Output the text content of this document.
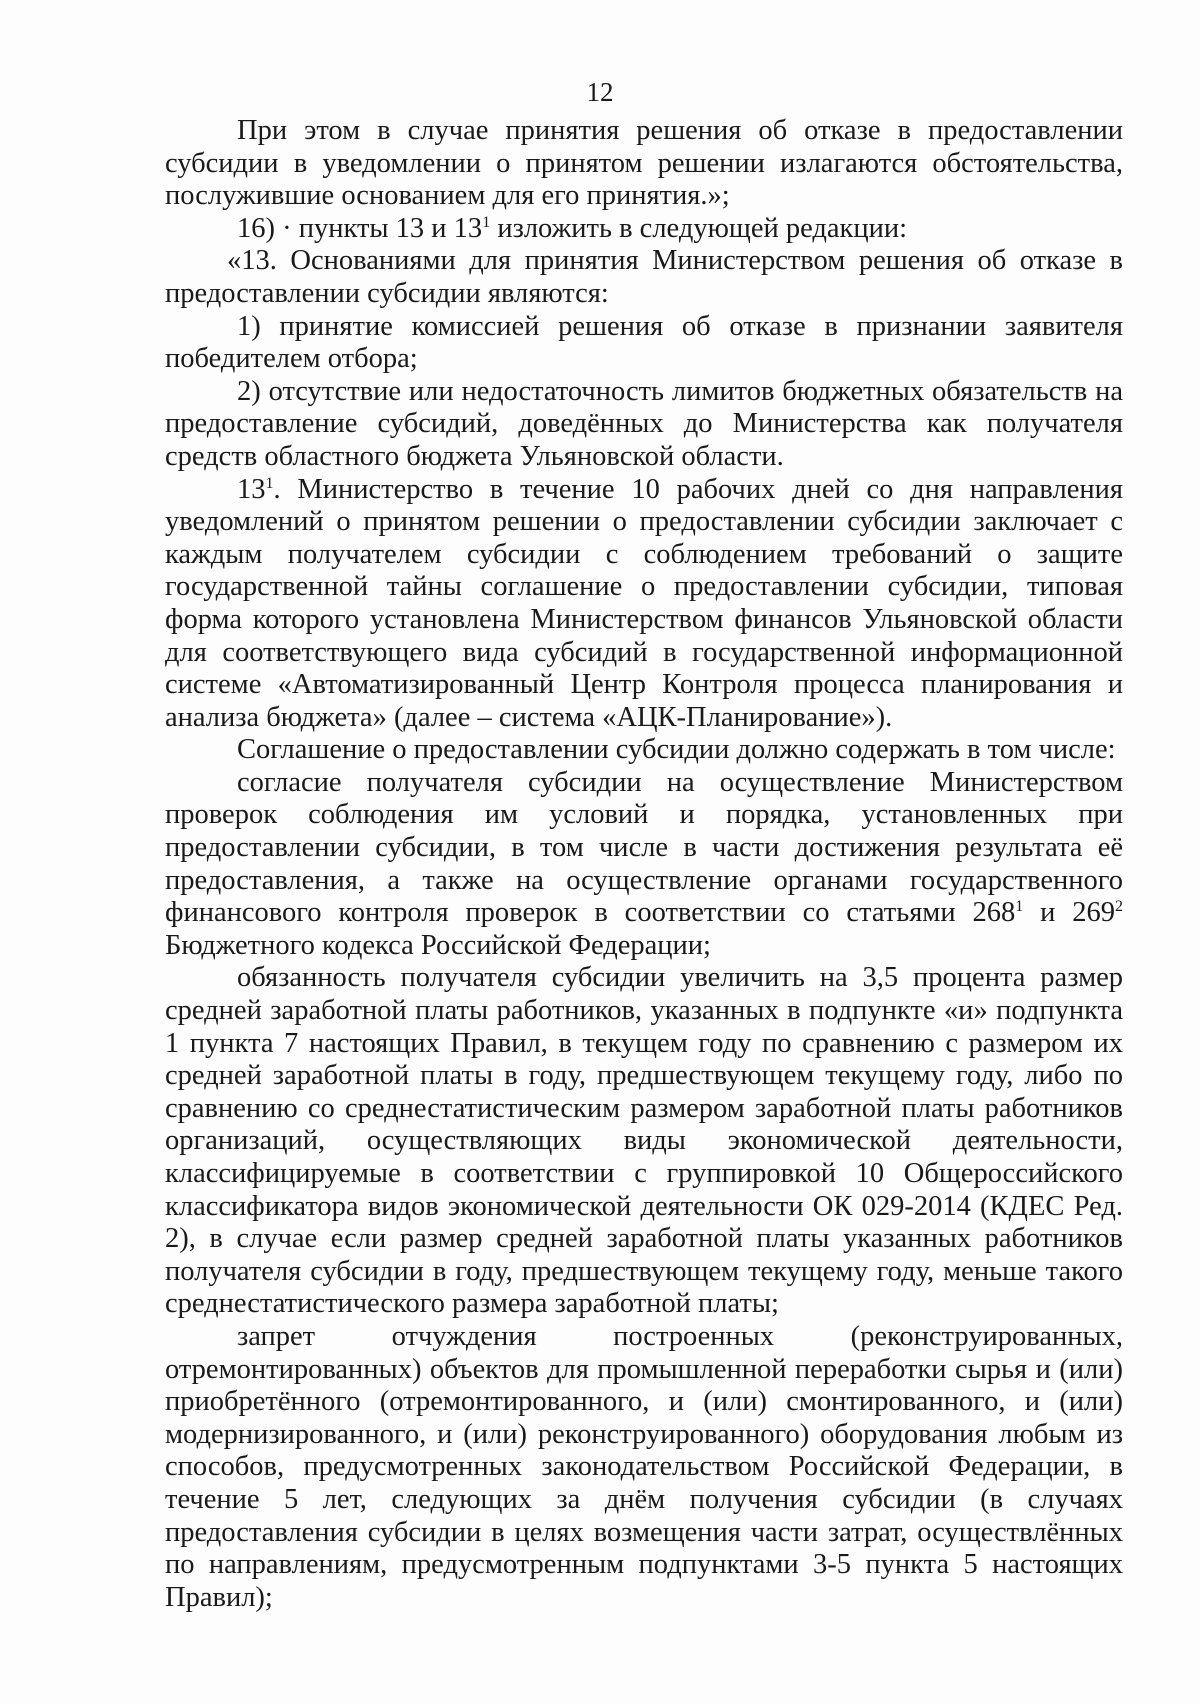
12

При этом в случае принятия решения об отказе в предоставлении субсидии в уведомлении о принятом решении излагаются обстоятельства, послужившие основанием для его принятия.»;

16) · пункты 13 и $13^1$ изложить в следующей редакции:

«13. Основаниями для принятия Министерством решения об отказе в предоставлении субсидии являются:

1) принятие комиссией решения об отказе в признании заявителя победителем отбора;

2) отсутствие или недостаточность лимитов бюджетных обязательств на предоставление субсидий, доведённых до Министерства как получателя средств областного бюджета Ульяновской области.

$13^1$. Министерство в течение 10 рабочих дней со дня направления уведомлений о принятом решении о предоставлении субсидии заключает с каждым получателем субсидии с соблюдением требований о защите государственной тайны соглашение о предоставлении субсидии, типовая форма которого установлена Министерством финансов Ульяновской области для соответствующего вида субсидий в государственной информационной системе «Автоматизированный Центр Контроля процесса планирования и анализа бюджета» (далее – система «АЦК-Планирование»).

Соглашение о предоставлении субсидии должно содержать в том числе:

согласие получателя субсидии на осуществление Министерством проверок соблюдения им условий и порядка, установленных при предоставлении субсидии, в том числе в части достижения результата её предоставления, а также на осуществление органами государственного финансового контроля проверок в соответствии со статьями $268^1$ и $269^2$ Бюджетного кодекса Российской Федерации;

обязанность получателя субсидии увеличить на 3,5 процента размер средней заработной платы работников, указанных в подпункте «и» подпункта 1 пункта 7 настоящих Правил, в текущем году по сравнению с размером их средней заработной платы в году, предшествующем текущему году, либо по сравнению со среднестатистическим размером заработной платы работников организаций, осуществляющих виды экономической деятельности, классифицируемые в соответствии с группировкой 10 Общероссийского классификатора видов экономической деятельности ОК 029-2014 (КДЕС Ред. 2), в случае если размер средней заработной платы указанных работников получателя субсидии в году, предшествующем текущему году, меньше такого среднестатистического размера заработной платы;

запрет отчуждения построенных (реконструированных, отремонтированных) объектов для промышленной переработки сырья и (или) приобретённого (отремонтированного, и (или) смонтированного, и (или) модернизированного, и (или) реконструированного) оборудования любым из способов, предусмотренных законодательством Российской Федерации, в течение 5 лет, следующих за днём получения субсидии (в случаях предоставления субсидии в целях возмещения части затрат, осуществлённых по направлениям, предусмотренным подпунктами 3-5 пункта 5 настоящих Правил);
